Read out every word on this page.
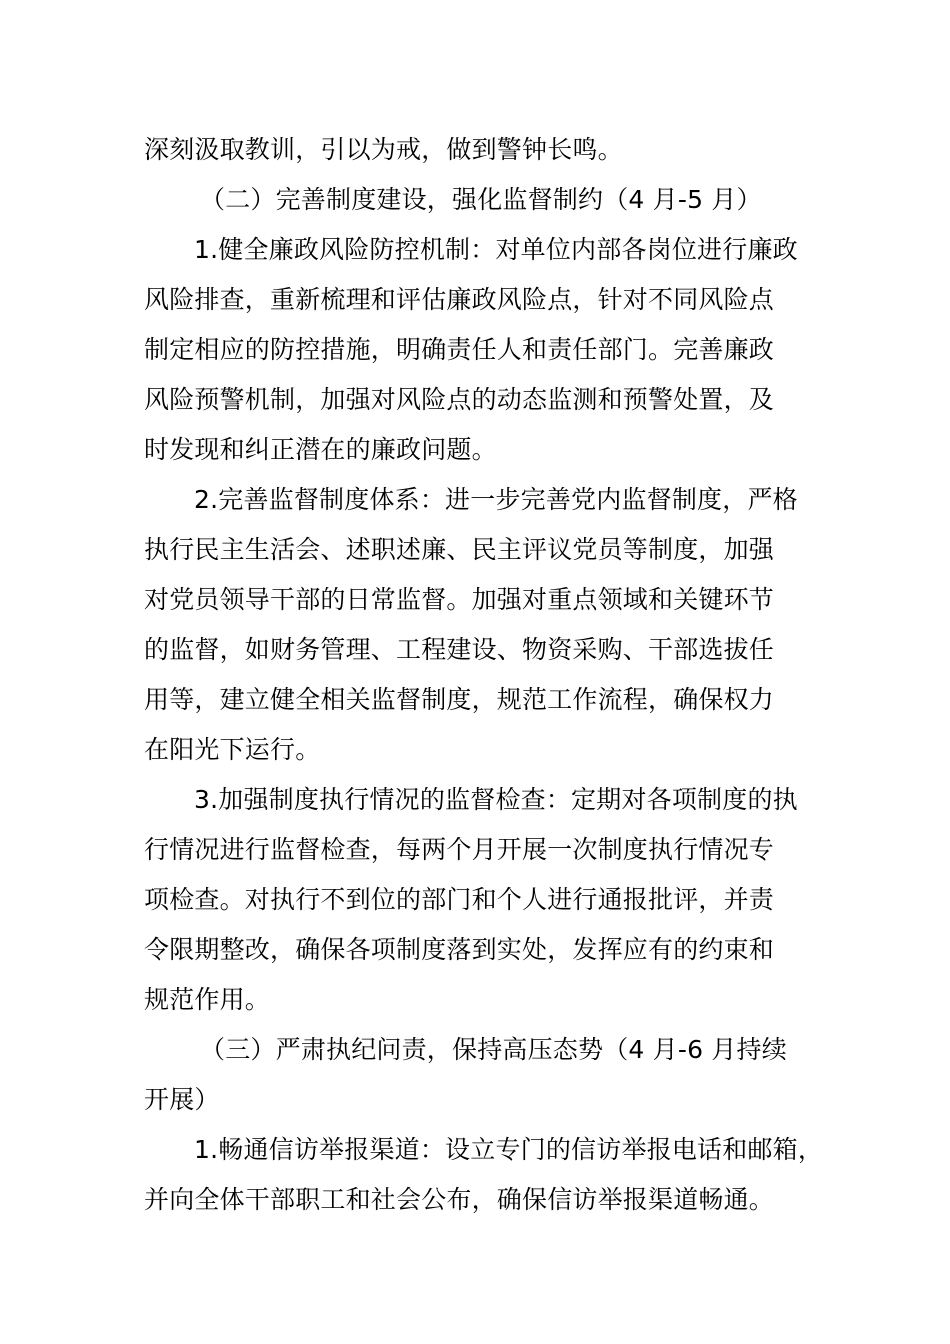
深刻汲取教训，引以为戒，做到警钟长鸣。
（二）完善制度建设，强化监督制约（4 月-5 月）
1.健全廉政风险防控机制：对单位内部各岗位进行廉政
风险排查，重新梳理和评估廉政风险点，针对不同风险点
制定相应的防控措施，明确责任人和责任部门。完善廉政
风险预警机制，加强对风险点的动态监测和预警处置，及
时发现和纠正潜在的廉政问题。
2.完善监督制度体系：进一步完善党内监督制度，严格
执行民主生活会、述职述廉、民主评议党员等制度，加强
对党员领导干部的日常监督。加强对重点领域和关键环节
的监督，如财务管理、工程建设、物资采购、干部选拔任
用等，建立健全相关监督制度，规范工作流程，确保权力
在阳光下运行。
3.加强制度执行情况的监督检查：定期对各项制度的执
行情况进行监督检查，每两个月开展一次制度执行情况专
项检查。对执行不到位的部门和个人进行通报批评，并责
令限期整改，确保各项制度落到实处，发挥应有的约束和
规范作用。
（三）严肃执纪问责，保持高压态势（4 月-6 月持续
开展）
1.畅通信访举报渠道：设立专门的信访举报电话和邮箱，
并向全体干部职工和社会公布，确保信访举报渠道畅通。
